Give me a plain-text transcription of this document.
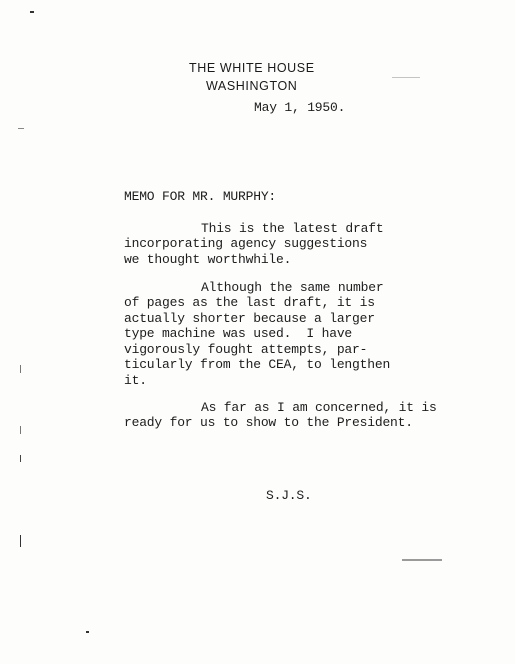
THE WHITE HOUSE
WASHINGTON
May 1, 1950.
MEMO FOR MR. MURPHY:
This is the latest draft
incorporating agency suggestions
we thought worthwhile.
Although the same number
of pages as the last draft, it is
actually shorter because a larger
type machine was used.  I have
vigorously fought attempts, par-
ticularly from the CEA, to lengthen
it.
As far as I am concerned, it is
ready for us to show to the President.
S.J.S.
